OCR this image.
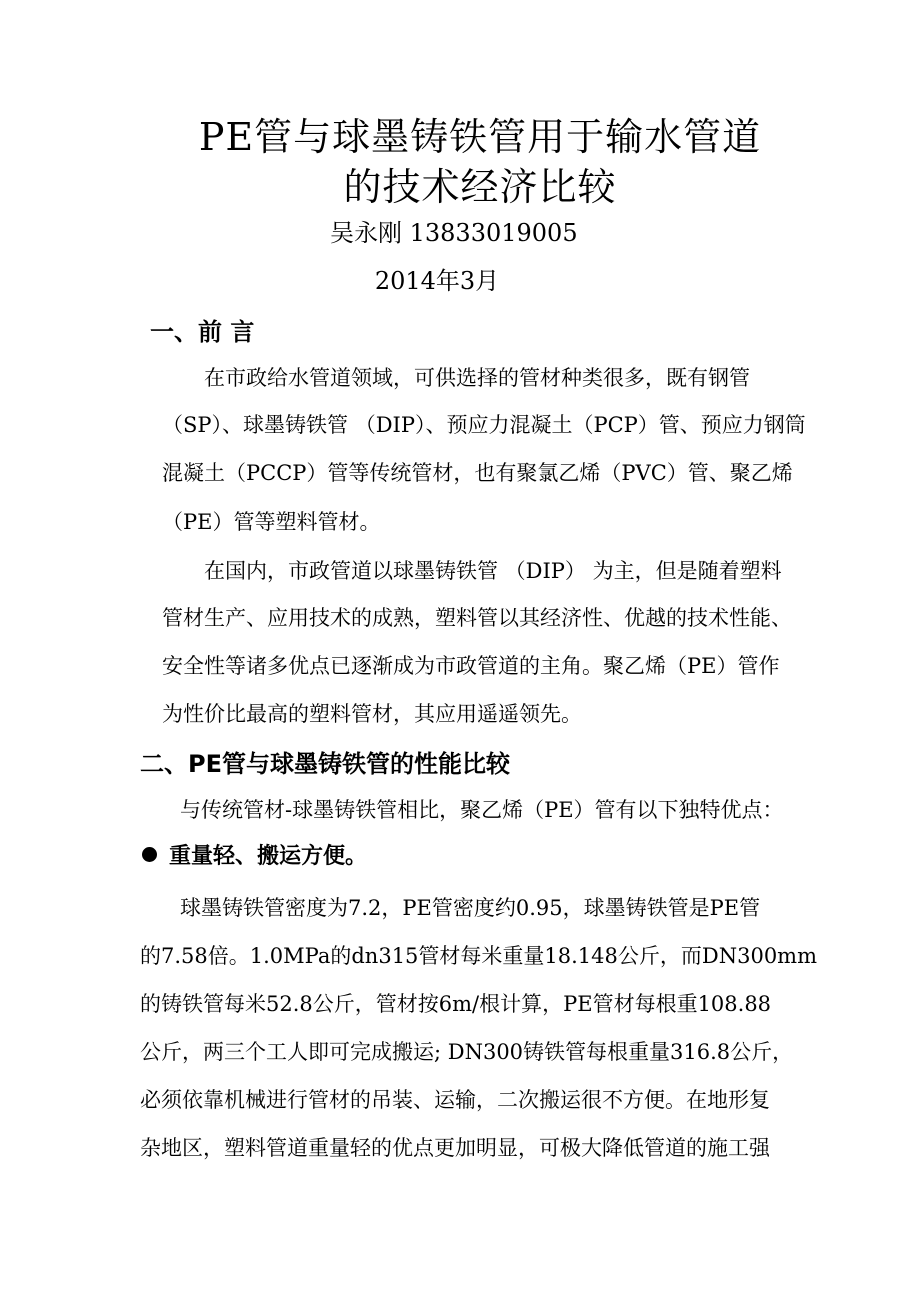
PE管与球墨铸铁管用于输水管道
的技术经济比较
吴永刚 13833019005
2014年3月
一、前 言
在市政给水管道领域，可供选择的管材种类很多，既有钢管
（SP）、球墨铸铁管 （DIP）、预应力混凝土（PCP）管、预应力钢筒
混凝土（PCCP）管等传统管材，也有聚氯乙烯（PVC）管、聚乙烯
（PE）管等塑料管材。
在国内，市政管道以球墨铸铁管 （DIP） 为主，但是随着塑料
管材生产、应用技术的成熟，塑料管以其经济性、优越的技术性能、
安全性等诸多优点已逐渐成为市政管道的主角。聚乙烯（PE）管作
为性价比最高的塑料管材，其应用遥遥领先。
二、PE管与球墨铸铁管的性能比较
与传统管材-球墨铸铁管相比，聚乙烯（PE）管有以下独特优点：
重量轻、搬运方便。
球墨铸铁管密度为7.2，PE管密度约0.95，球墨铸铁管是PE管
的7.58倍。1.0MPa的dn315管材每米重量18.148公斤，而DN300mm
的铸铁管每米52.8公斤，管材按6m/根计算，PE管材每根重108.88
公斤，两三个工人即可完成搬运; DN300铸铁管每根重量316.8公斤，
必须依靠机械进行管材的吊装、运输，二次搬运很不方便。在地形复
杂地区，塑料管道重量轻的优点更加明显，可极大降低管道的施工强
